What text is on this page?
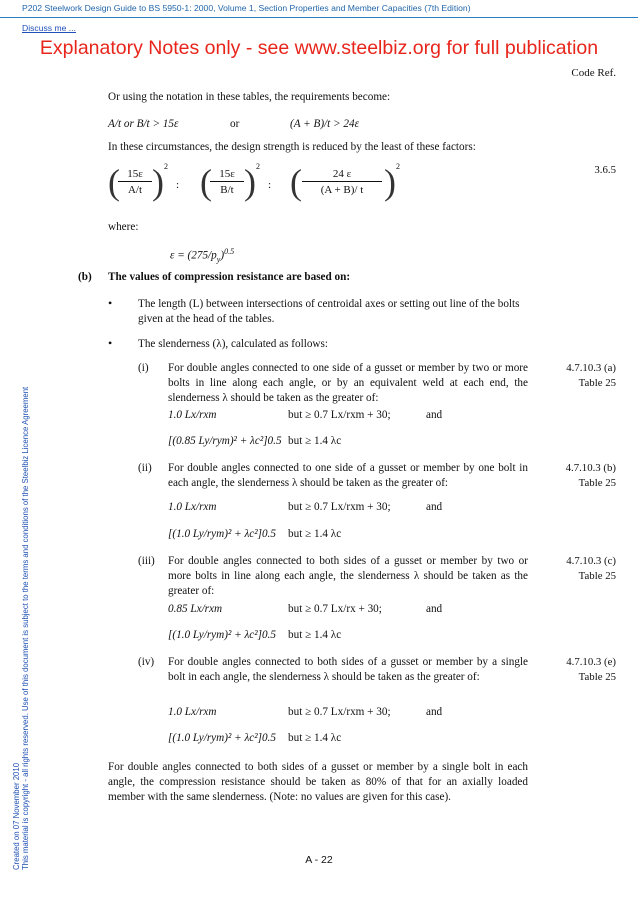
P202 Steelwork Design Guide to BS 5950-1: 2000, Volume 1, Section Properties and Member Capacities (7th Edition)
Discuss me ...
Explanatory Notes only - see www.steelbiz.org for full publication
Code Ref.
Or using the notation in these tables, the requirements become:
A/t or B/t > 15ε	or	(A + B)/t > 24ε
In these circumstances, the design strength is reduced by the least of these factors:
(
$\frac{15\varepsilon}{A/t}$ ) 2
: (
$\frac{15\varepsilon}{B/t}$ ) 2
: ( $\frac{24 \varepsilon}{(A + B)/ t}$ ) 2	3.6.5
where:
$\varepsilon = (275/p_y)^{0.5}$
(b) The values of compression resistance are based on:
• The length (L) between intersections of centroidal axes or setting out line of the bolts given at the head of the tables.
• The slenderness (λ), calculated as follows:
(i) For double angles connected to one side of a gusset or member by two or more bolts in line along each angle, or by an equivalent weld at each end, the slenderness λ should be taken as the greater of:
4.7.10.3 (a)
Table 25
1.0 Lx/rxm	but ≥ 0.7 Lx/rxm + 30;	and
[(0.85 Ly/rym)² + λc²]0.5 but ≥ 1.4 λc
(ii) For double angles connected to one side of a gusset or member by one bolt in each angle, the slenderness λ should be taken as the greater of:
4.7.10.3 (b)
Table 25
1.0 Lx/rxm	but ≥ 0.7 Lx/rxm + 30;	and
[(1.0 Ly/rym)² + λc²]0.5 but ≥ 1.4 λc
(iii) For double angles connected to both sides of a gusset or member by two or more bolts in line along each angle, the slenderness λ should be taken as the greater of:
4.7.10.3 (c)
Table 25
0.85 Lx/rxm	but ≥ 0.7 Lx/rx + 30;	and
[(1.0 Ly/rym)² + λc²]0.5 but ≥ 1.4 λc
(iv) For double angles connected to both sides of a gusset or member by a single bolt in each angle, the slenderness λ should be taken as the greater of:
4.7.10.3 (e)
Table 25
1.0 Lx/rxm	but ≥ 0.7 Lx/rxm + 30;	and
[(1.0 Ly/rym)² + λc²]0.5 but ≥ 1.4 λc
For double angles connected to both sides of a gusset or member by a single bolt in each angle, the compression resistance should be taken as 80% of that for an axially loaded member with the same slenderness. (Note: no values are given for this case).
Created on 07 November 2010 This material is copyright - all rights reserved. Use of this document is subject to the terms and conditions of the Steelbiz Licence Agreement	A - 22
